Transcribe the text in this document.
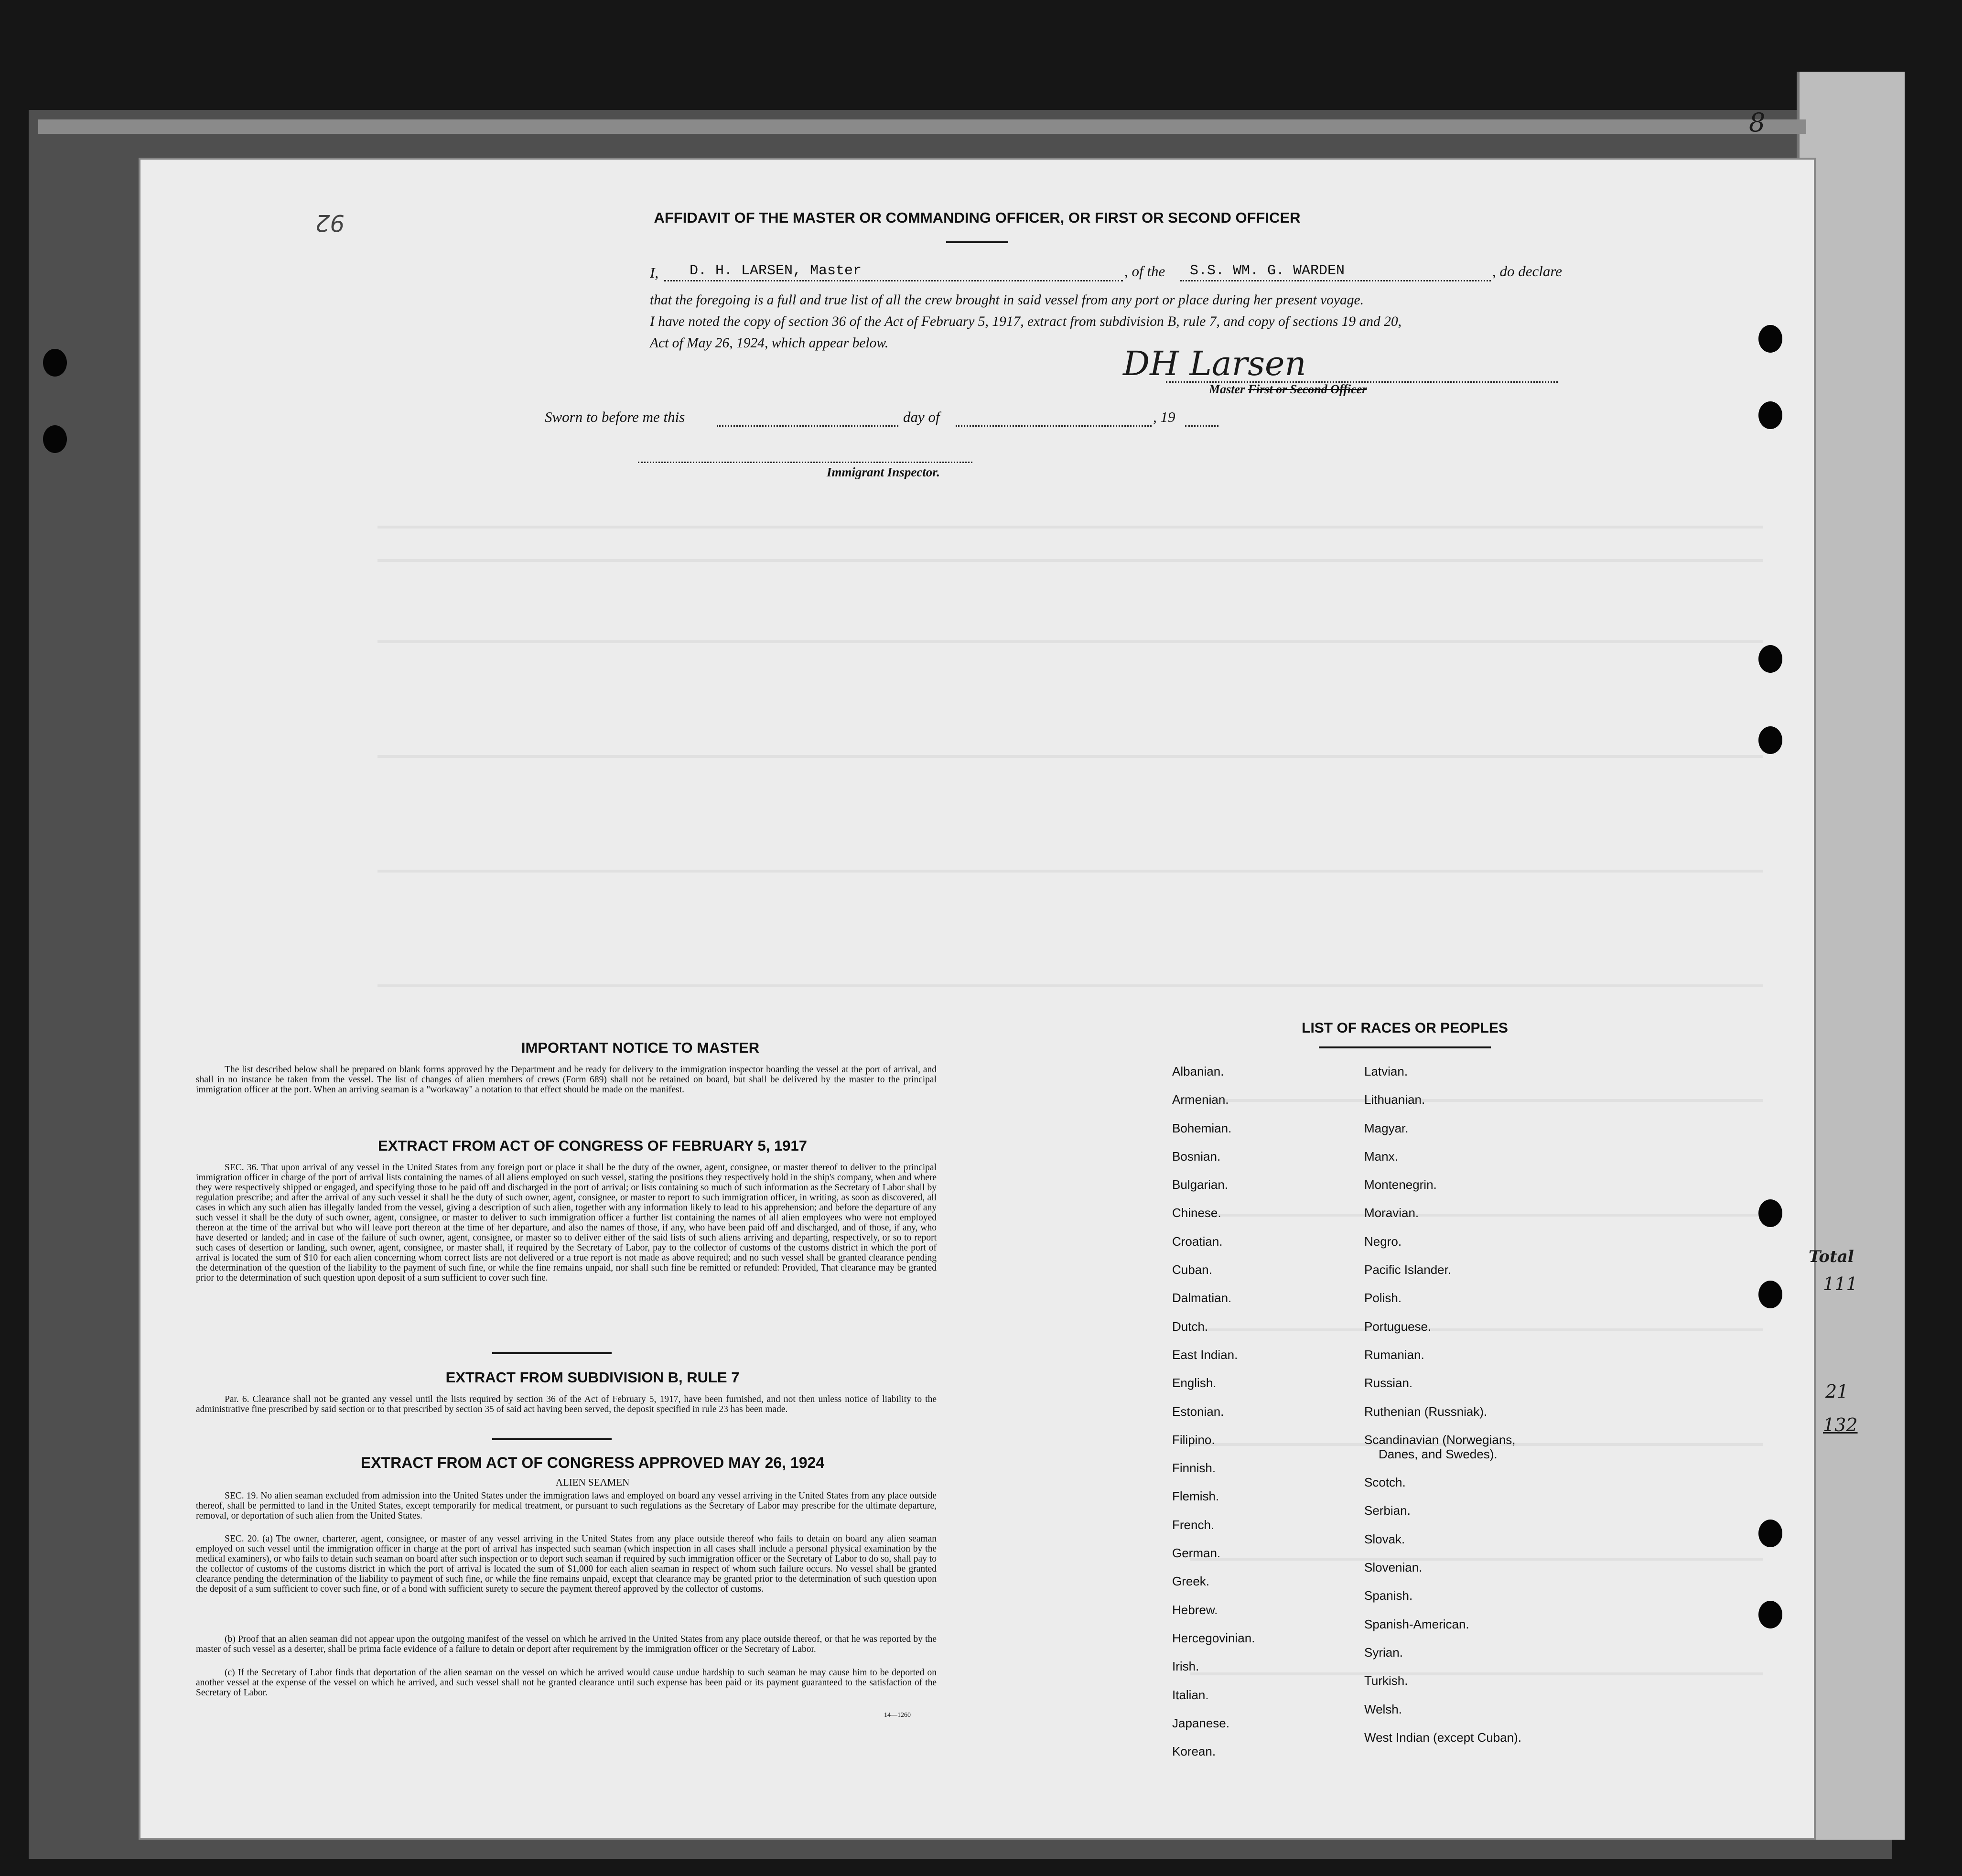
92	AFFIDAVIT OF THE MASTER OR COMMANDING OFFICER, OR FIRST OR SECOND OFFICER
I,	D. H. LARSEN, Master	, of the S.S. WM. G. WARDEN	, do declare
that the foregoing is a full and true list of all the crew brought in said vessel from any port or place during her present voyage.
I have noted the copy of section 36 of the Act of February 5, 1917, extract from subdivision B, rule 7, and copy of sections 19 and 20,
Act of May 26, 1924, which appear below.
DH Larsen
Master First or Second Officer
Sworn to before me this	day of	, 19
Immigrant Inspector.
IMPORTANT NOTICE TO MASTER
The list described below shall be prepared on blank forms approved by the Department and be ready for delivery to the immigration inspector boarding the vessel at the port of arrival, and shall in no instance be taken from the vessel. The list of changes of alien members of crews (Form 689) shall not be retained on board, but shall be delivered by the master to the principal immigration officer at the port. When an arriving seaman is a "workaway" a notation to that effect should be made on the manifest.
EXTRACT FROM ACT OF CONGRESS OF FEBRUARY 5, 1917
SEC. 36. That upon arrival of any vessel in the United States from any foreign port or place it shall be the duty of the owner, agent, consignee, or master thereof to deliver to the principal immigration officer in charge of the port of arrival lists containing the names of all aliens employed on such vessel, stating the positions they respectively hold in the ship's company, when and where they were respectively shipped or engaged, and specifying those to be paid off and discharged in the port of arrival; or lists containing so much of such information as the Secretary of Labor shall by regulation prescribe; and after the arrival of any such vessel it shall be the duty of such owner, agent, consignee, or master to report to such immigration officer, in writing, as soon as discovered, all cases in which any such alien has illegally landed from the vessel, giving a description of such alien, together with any information likely to lead to his apprehension; and before the departure of any such vessel it shall be the duty of such owner, agent, consignee, or master to deliver to such immigration officer a further list containing the names of all alien employees who were not employed thereon at the time of the arrival but who will leave port thereon at the time of her departure, and also the names of those, if any, who have been paid off and discharged, and of those, if any, who have deserted or landed; and in case of the failure of such owner, agent, consignee, or master so to deliver either of the said lists of such aliens arriving and departing, respectively, or so to report such cases of desertion or landing, such owner, agent, consignee, or master shall, if required by the Secretary of Labor, pay to the collector of customs of the customs district in which the port of arrival is located the sum of $10 for each alien concerning whom correct lists are not delivered or a true report is not made as above required; and no such vessel shall be granted clearance pending the determination of the question of the liability to the payment of such fine, or while the fine remains unpaid, nor shall such fine be remitted or refunded: Provided, That clearance may be granted prior to the determination of such question upon deposit of a sum sufficient to cover such fine.
EXTRACT FROM SUBDIVISION B, RULE 7
Par. 6. Clearance shall not be granted any vessel until the lists required by section 36 of the Act of February 5, 1917, have been furnished, and not then unless notice of liability to the administrative fine prescribed by said section or to that prescribed by section 35 of said act having been served, the deposit specified in rule 23 has been made.
EXTRACT FROM ACT OF CONGRESS APPROVED MAY 26, 1924
ALIEN SEAMEN
SEC. 19. No alien seaman excluded from admission into the United States under the immigration laws and employed on board any vessel arriving in the United States from any place outside thereof, shall be permitted to land in the United States, except temporarily for medical treatment, or pursuant to such regulations as the Secretary of Labor may prescribe for the ultimate departure, removal, or deportation of such alien from the United States.
SEC. 20. (a) The owner, charterer, agent, consignee, or master of any vessel arriving in the United States from any place outside thereof who fails to detain on board any alien seaman employed on such vessel until the immigration officer in charge at the port of arrival has inspected such seaman (which inspection in all cases shall include a personal physical examination by the medical examiners), or who fails to detain such seaman on board after such inspection or to deport such seaman if required by such immigration officer or the Secretary of Labor to do so, shall pay to the collector of customs of the customs district in which the port of arrival is located the sum of $1,000 for each alien seaman in respect of whom such failure occurs. No vessel shall be granted clearance pending the determination of the liability to payment of such fine, or while the fine remains unpaid, except that clearance may be granted prior to the determination of such question upon the deposit of a sum sufficient to cover such fine, or of a bond with sufficient surety to secure the payment thereof approved by the collector of customs.
(b) Proof that an alien seaman did not appear upon the outgoing manifest of the vessel on which he arrived in the United States from any place outside thereof, or that he was reported by the master of such vessel as a deserter, shall be prima facie evidence of a failure to detain or deport after requirement by the immigration officer or the Secretary of Labor.
(c) If the Secretary of Labor finds that deportation of the alien seaman on the vessel on which he arrived would cause undue hardship to such seaman he may cause him to be deported on another vessel at the expense of the vessel on which he arrived, and such vessel shall not be granted clearance until such expense has been paid or its payment guaranteed to the satisfaction of the Secretary of Labor.
14—1260
LIST OF RACES OR PEOPLES
Albanian.
Armenian.
Bohemian.
Bosnian.
Bulgarian.
Chinese.
Croatian.
Cuban.
Dalmatian.
Dutch.
East Indian.
English.
Estonian.
Filipino.
Finnish.
Flemish.
French.
German.
Greek.
Hebrew.
Hercegovinian.
Irish.
Italian.
Japanese.
Korean.
Latvian.
Lithuanian.
Magyar.
Manx.
Montenegrin.
Moravian.
Negro.
Pacific Islander.
Polish.
Portuguese.
Rumanian.
Russian.
Ruthenian (Russniak).
Scandinavian (Norwegians,
Danes, and Swedes).
Scotch.
Serbian.
Slovak.
Slovenian.
Spanish.
Spanish-American.
Syrian.
Turkish.
Welsh.
West Indian (except Cuban).
8
Total
111
21
132
